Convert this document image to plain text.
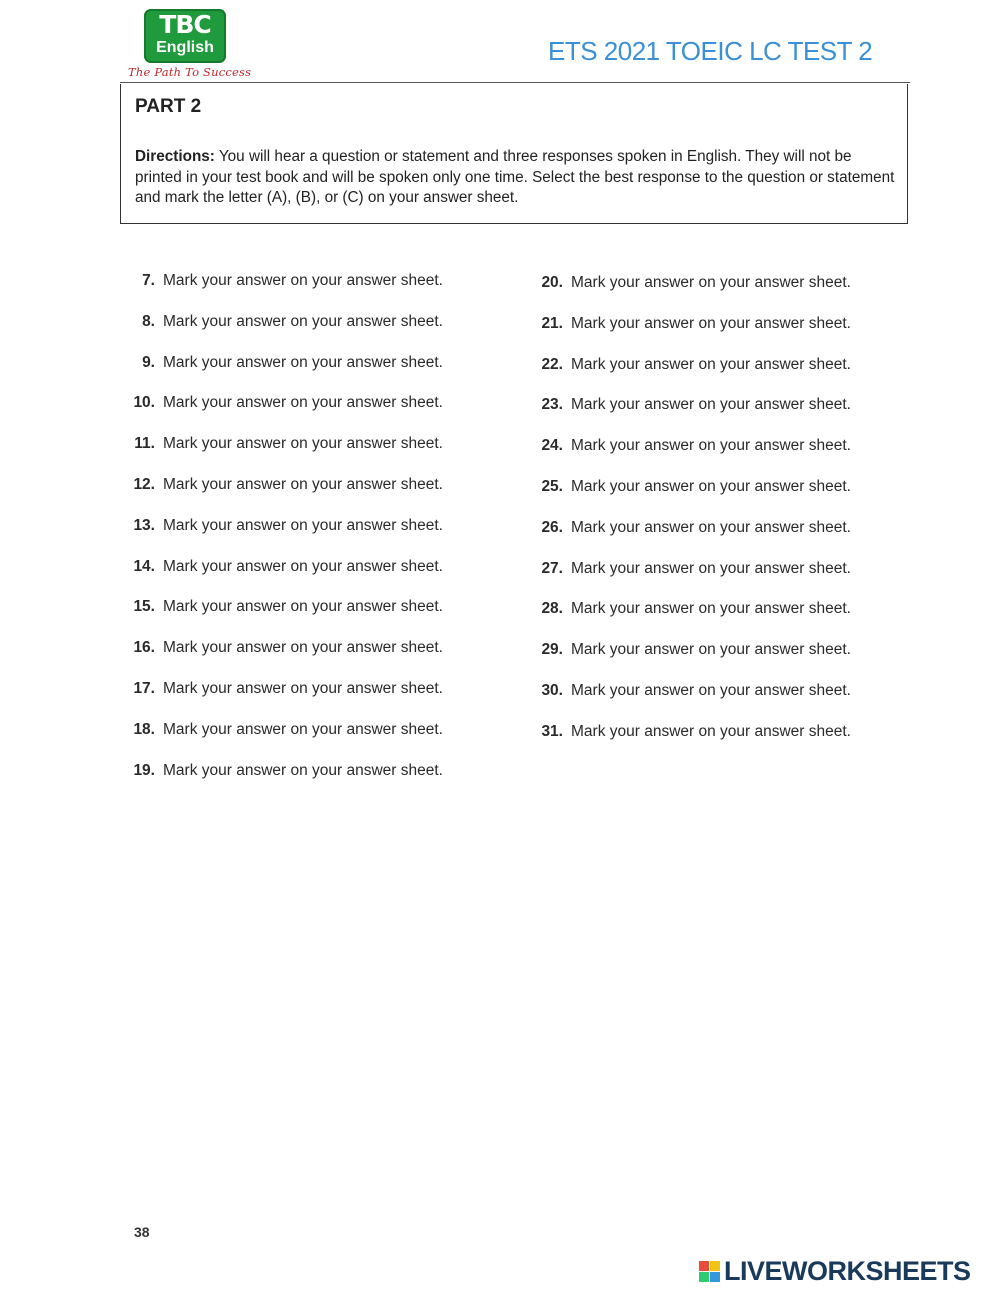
TBC
English
The Path To Success
ETS 2021 TOEIC LC TEST 2
PART 2
Directions: You will hear a question or statement and three responses spoken in English. They will not be printed in your test book and will be spoken only one time. Select the best response to the question or statement and mark the letter (A), (B), or (C) on your answer sheet.
7. Mark your answer on your answer sheet.
8. Mark your answer on your answer sheet.
9. Mark your answer on your answer sheet.
10. Mark your answer on your answer sheet.
11. Mark your answer on your answer sheet.
12. Mark your answer on your answer sheet.
13. Mark your answer on your answer sheet.
14. Mark your answer on your answer sheet.
15. Mark your answer on your answer sheet.
16. Mark your answer on your answer sheet.
17. Mark your answer on your answer sheet.
18. Mark your answer on your answer sheet.
19. Mark your answer on your answer sheet.
20. Mark your answer on your answer sheet.
21. Mark your answer on your answer sheet.
22. Mark your answer on your answer sheet.
23. Mark your answer on your answer sheet.
24. Mark your answer on your answer sheet.
25. Mark your answer on your answer sheet.
26. Mark your answer on your answer sheet.
27. Mark your answer on your answer sheet.
28. Mark your answer on your answer sheet.
29. Mark your answer on your answer sheet.
30. Mark your answer on your answer sheet.
31. Mark your answer on your answer sheet.
38
LIVEWORKSHEETS
